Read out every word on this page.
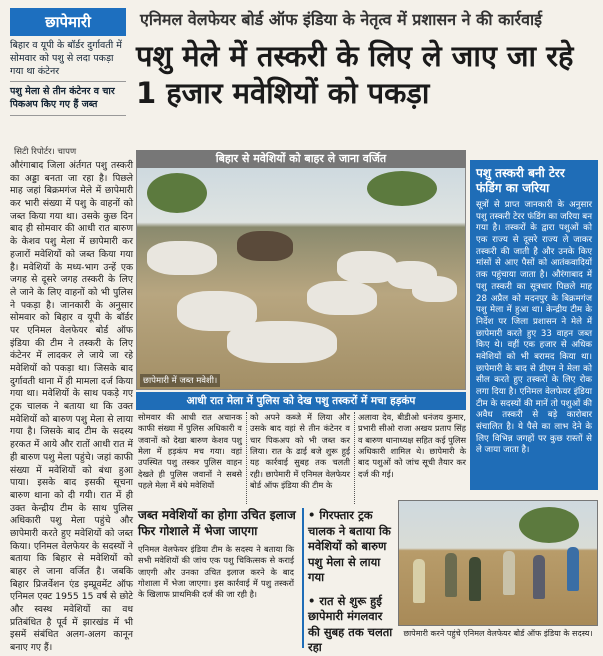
छापेमारी

बिहार व यूपी के बॉर्डर दुर्गावती में सोमवार को पशु से लदा पकड़ा गया था कंटेनर

पशु मेला से तीन कंटेनर व चार पिकअप किए गए हैं जब्त

एनिमल वेलफेयर बोर्ड ऑफ इंडिया के नेतृत्व में प्रशासन ने की कार्रवाई
पशु मेले में तस्करी के लिए ले जाए जा रहे 1 हजार मवेशियों को पकड़ा
सिटी रिपोर्टर। चापण
औरंगाबाद जिला अंर्तगत पशु तस्करी का अड्डा बनता जा रहा है। पिछले माह जहां बिक्रमगंज मेले में छापेमारी कर भारी संख्या में पशु के वाहनों को जब्त किया गया था। उसके कुछ दिन बाद ही सोमवार की आधी रात बारुण के केशव पशु मेला में छापेमारी कर हजारों मवेशियों को जब्त किया गया है। मवेशियों के मध्य-भाग उन्हें एक जगह से दूसरे जगह तस्करी के लिए ले जाने के लिए वाहनों को भी पुलिस ने पकड़ा है। जानकारी के अनुसार सोमवार को बिहार व यूपी के बॉर्डर पर एनिमल वेलफेयर बोर्ड ऑफ इंडिया की टीम ने तस्करी के लिए कंटेनर में लादकर ले जाये जा रहे मवेशियों को पकड़ा था। जिसके बाद दुर्गावती थाना में ही मामला दर्ज किया गया था। मवेशियों के साथ पकड़े गए ट्रक चालक ने बताया था कि उक्त मवेशियों को बारुण पशु मेला से लाया गया है। जिसके बाद टीम के सदस्य हरकत में आये और रातों आधी रात में ही बारुण पशु मेला पहुंचे। जहां काफी संख्या में मवेशियों को बंधा हुआ पाया। इसके बाद इसकी सूचना बारुण थाना को दी गयी। रात में ही उक्त केन्द्रीय टीम के साथ पुलिस अधिकारी पशु मेला पहुंचे और छापेमारी करते हुए मवेशियों को जब्त किया। एनिमल वेलफेयर के सदस्यों ने बताया कि बिहार से मवेशियों को बाहर ले जाना वर्जित है। जबकि बिहार प्रिजर्वेशन एंड इम्प्रूवमेंट ऑफ एनिमल एक्ट 1955 15 वर्ष से छोटे और स्वस्थ मवेशियों का वध प्रतिबंधित है पूर्व में झारखंड में भी इसमें संबंधित अलग-अलग कानून बनाए गए हैं।
बिहार से मवेशियों को बाहर ले जाना वर्जित
छापेमारी में जब्त मवेशी।
पशु तस्करी बनी टेरर फंडिंग का जरिया
सूत्रों से प्राप्त जानकारी के अनुसार पशु तस्करी टेरर फंडिंग का जरिया बन गया है। तस्करों के द्वारा पशुओं को एक राज्य से दूसरे राज्य ले जाकर तस्करी की जाती है और उनके किए मांसों से आए पैसों को आतंकवादियों तक पहुंचाया जाता है। औरंगाबाद में पशु तस्करी का सूत्रधार पिछले माह 28 अप्रैल को मदनपुर के बिक्रमगंज पशु मेला में हुआ था। केन्द्रीय टीम के निर्देश पर जिला प्रशासन ने मेले में छापेमारी करते हुए 33 वाहन जब्त किए थे। वहीं एक हजार से अधिक मवेशियों को भी बरामद किया था। छापेमारी के बाद से डीएम ने मेला को सील करते हुए तस्करों के लिए रोक लगा दिया है। एनिमल वेलफेयर इंडिया टीम के सदस्यों की मानें तो पशुओं की अवैध तस्करी से बड़े कारोबार संचालित है। ये पैसे का लाभ देने के लिए विभिन्न जगहों पर कुछ रास्तों से ले जाया जाता है।
आधी रात मेला में पुलिस को देख पशु तस्करों में मचा हड़कंप
सोमवार की आधी रात अचानक काफी संख्या में पुलिस अधिकारी व जवानों को देखा बारुण केशव पशु मेला में हड़कंप मच गया। वहां उपस्थित पशु तस्कर पुलिस वाहन देखते ही पुलिस जवानों ने सबसे पहले मेला में बंधे मवेशियों
को अपने कब्जे में लिया और उसके बाद वहां से तीन कंटेनर व चार पिकअप को भी जब्त कर लिया। रात के ढाई बजे शुरू हुई यह कार्रवाई सुबह तक चलती रही। छापेमारी में एनिमल वेलफेयर बोर्ड ऑफ इंडिया की टीम के
अलावा देव, बीडीओ धनंजय कुमार, प्रभारी सीओ राजा अखय प्रताप सिंह व बारुण थानाध्यक्ष सहित कई पुलिस अधिकारी शामिल थे। छापेमारी के बाद पशुओं को जांच सूची तैयार कर दर्ज की गई।
जब्त मवेशियों का होगा उचित इलाज फिर गोशाले में भेजा जाएगा
एनिमल वेलफेयर इंडिया टीम के सदस्य ने बताया कि सभी मवेशियों की जांच एक पशु चिकित्सक से कराई जाएगी और उनका उचित इलाज करने के बाद गोशाला में भेजा जाएगा। इस कार्रवाई में पशु तस्करों के खिलाफ प्राथमिकी दर्ज की जा रही है।
• गिरफ्तार ट्रक चालक ने बताया कि मवेशियों को बारुण पशु मेला से लाया गया
• रात से शुरू हुई छापेमारी मंगलवार की सुबह तक चलता रहा
छापेमारी करने पहुंचे एनिमल वेलफेयर बोर्ड ऑफ इंडिया के सदस्य।
